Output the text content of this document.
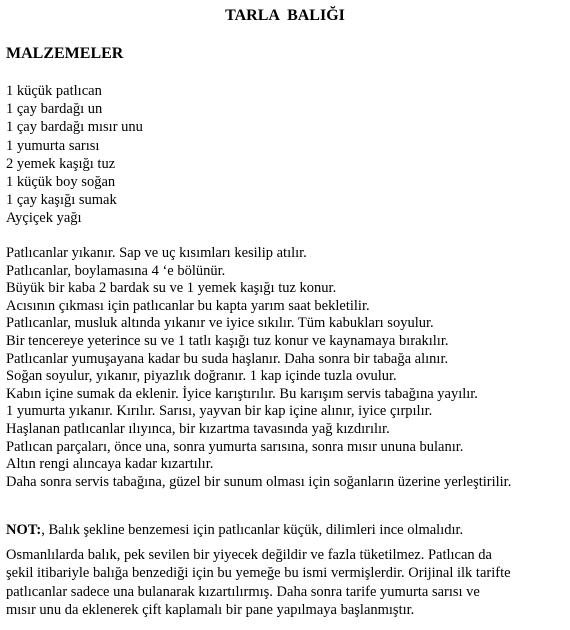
TARLA  BALIĞI
MALZEMELER
1 küçük patlıcan
1 çay bardağı un
1 çay bardağı mısır unu
1 yumurta sarısı
2 yemek kaşığı tuz
1 küçük boy soğan
1 çay kaşığı sumak
Ayçiçek yağı
Patlıcanlar yıkanır. Sap ve uç kısımları kesilip atılır.
Patlıcanlar, boylamasına 4 ‘e bölünür.
Büyük bir kaba 2 bardak su ve 1 yemek kaşığı tuz konur.
Acısının çıkması için patlıcanlar bu kapta yarım saat bekletilir.
Patlıcanlar, musluk altında yıkanır ve iyice sıkılır. Tüm kabukları soyulur.
Bir tencereye yeterince su ve 1 tatlı kaşığı tuz konur ve kaynamaya bırakılır.
Patlıcanlar yumuşayana kadar bu suda haşlanır. Daha sonra bir tabağa alınır.
Soğan soyulur, yıkanır, piyazlık doğranır. 1 kap içinde tuzla ovulur.
Kabın içine sumak da eklenir. İyice karıştırılır. Bu karışım servis tabağına yayılır.
1 yumurta yıkanır. Kırılır. Sarısı, yayvan bir kap içine alınır, iyice çırpılır.
Haşlanan patlıcanlar ılıyınca, bir kızartma tavasında yağ kızdırılır.
Patlıcan parçaları, önce una, sonra yumurta sarısına, sonra mısır ununa bulanır.
Altın rengi alıncaya kadar kızartılır.
Daha sonra servis tabağına, güzel bir sunum olması için soğanların üzerine yerleştirilir.
NOT:, Balık şekline benzemesi için patlıcanlar küçük, dilimleri ince olmalıdır.
Osmanlılarda balık, pek sevilen bir yiyecek değildir ve fazla tüketilmez. Patlıcan da
şekil itibariyle balığa benzediği için bu yemeğe bu ismi vermişlerdir. Orijinal ilk tarifte
patlıcanlar sadece una bulanarak kızartılırmış. Daha sonra tarife yumurta sarısı ve
mısır unu da eklenerek çift kaplamalı bir pane yapılmaya başlanmıştır.
